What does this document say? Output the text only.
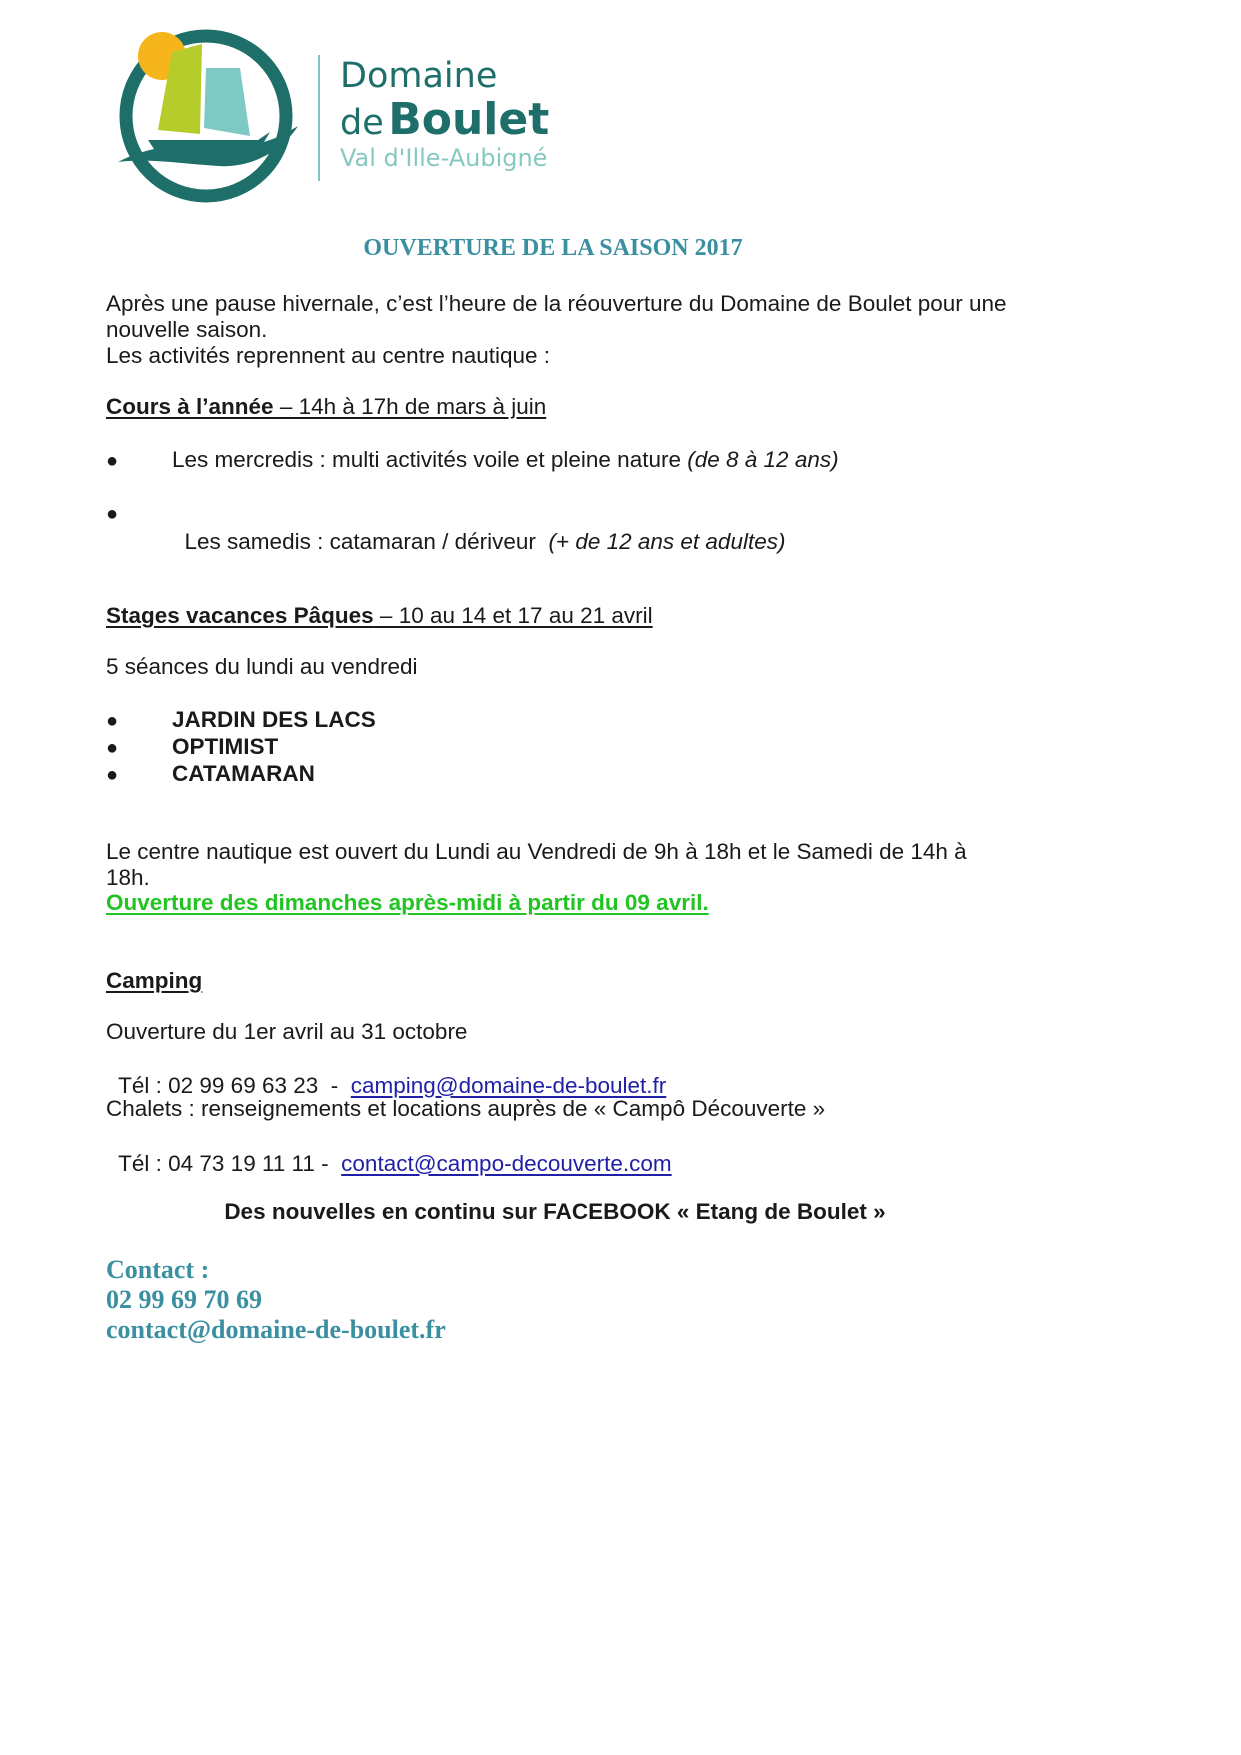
Domaine
de Boulet
Val d'Ille-Aubigné
OUVERTURE DE LA SAISON 2017
Après une pause hivernale, c’est l’heure de la réouverture du Domaine de Boulet pour une
nouvelle saison.
Les activités reprennent au centre nautique :
Cours à l’année – 14h à 17h de mars à juin
● Les mercredis : multi activités voile et pleine nature (de 8 à 12 ans)
●

Les samedis : catamaran / dériveur  (+ de 12 ans et adultes)

Stages vacances Pâques – 10 au 14 et 17 au 21 avril
5 séances du lundi au vendredi
● JARDIN DES LACS
● OPTIMIST
● CATAMARAN
Le centre nautique est ouvert du Lundi au Vendredi de 9h à 18h et le Samedi de 14h à
18h.
Ouverture des dimanches après-midi à partir du 09 avril.
Camping
Ouverture du 1er avril au 31 octobre

Tél : 02 99 69 63 23  -  camping@domaine-de-boulet.fr

Chalets : renseignements et locations auprès de « Campô Découverte »

Tél : 04 73 19 11 11 -  contact@campo-decouverte.com

Des nouvelles en continu sur FACEBOOK « Etang de Boulet »
Contact :
02 99 69 70 69
contact@domaine-de-boulet.fr
